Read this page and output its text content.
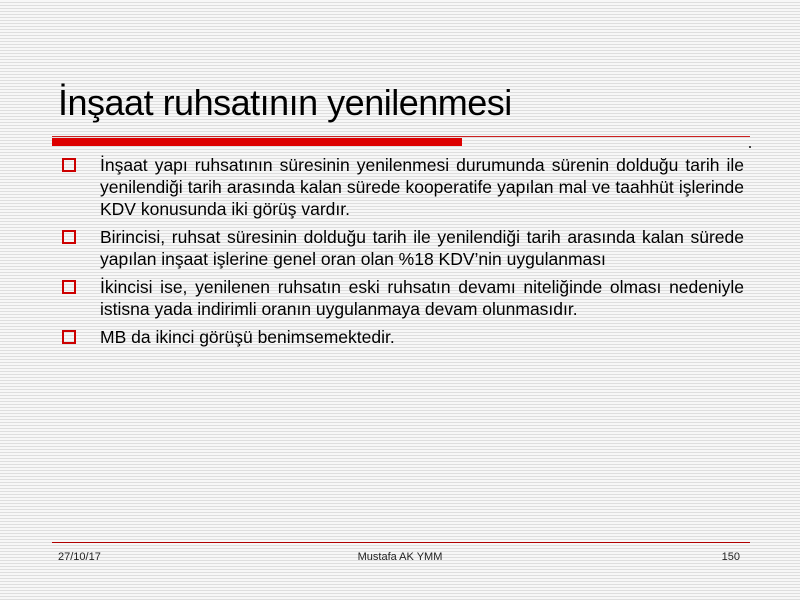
İnşaat ruhsatının yenilenmesi
İnşaat yapı ruhsatının süresinin yenilenmesi durumunda sürenin dolduğu tarih ile yenilendiği tarih arasında kalan sürede kooperatife yapılan mal ve taahhüt işlerinde KDV konusunda iki görüş vardır.
Birincisi, ruhsat süresinin dolduğu tarih ile yenilendiği tarih arasında kalan sürede yapılan inşaat işlerine genel oran olan %18 KDV’nin uygulanması
İkincisi ise, yenilenen ruhsatın eski ruhsatın devamı niteliğinde olması nedeniyle istisna yada indirimli oranın uygulanmaya devam olunmasıdır.
MB da ikinci görüşü benimsemektedir.
27/10/17	Mustafa AK YMM	150
